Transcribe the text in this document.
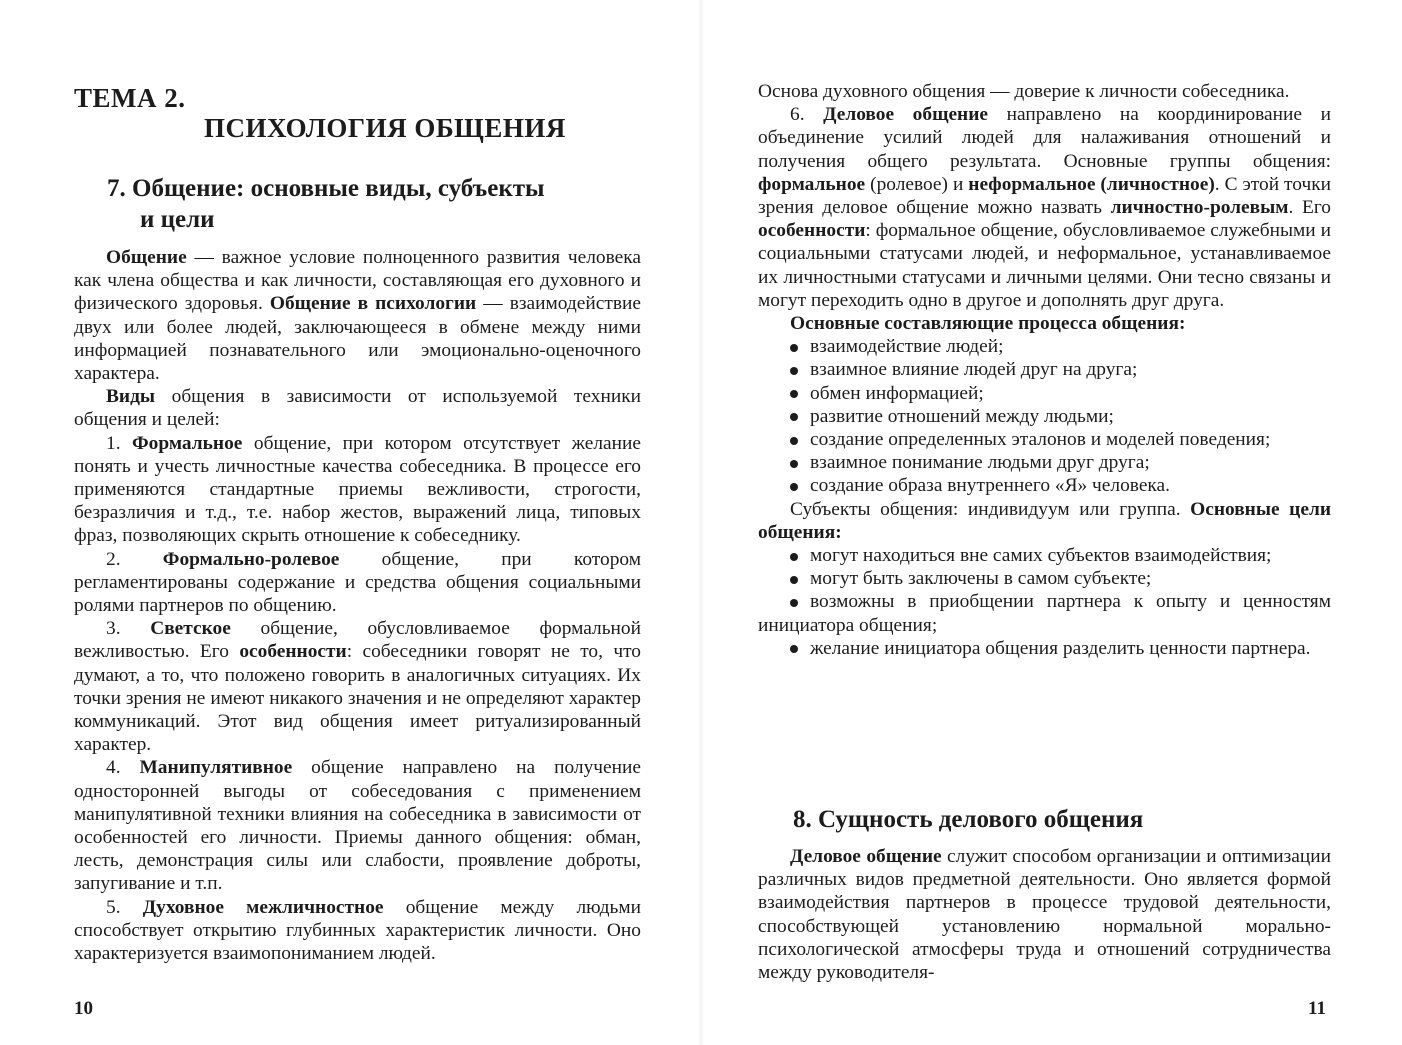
ТЕМА 2.
ПСИХОЛОГИЯ ОБЩЕНИЯ
7. Общение: основные виды, субъекты
и цели

Общение — важное условие полноценного развития человека как члена общества и как личности, составляющая его духовного и физического здоровья. Общение в психологии — взаимодействие двух или более людей, заключающееся в обмене между ними информацией познавательного или эмоционально-оценочного характера.

Виды общения в зависимости от используемой техники общения и целей:

1. Формальное общение, при котором отсутствует желание понять и учесть личностные качества собеседника. В процессе его применяются стандартные приемы вежливости, строгости, безразличия и т.д., т.е. набор жестов, выражений лица, типовых фраз, позволяющих скрыть отношение к собеседнику.

2. Формально-ролевое общение, при котором регламентированы содержание и средства общения социальными ролями партнеров по общению.

3. Светское общение, обусловливаемое формальной вежливостью. Его особенности: собеседники говорят не то, что думают, а то, что положено говорить в аналогичных ситуациях. Их точки зрения не имеют никакого значения и не определяют характер коммуникаций. Этот вид общения имеет ритуализированный характер.

4. Манипулятивное общение направлено на получение односторонней выгоды от собеседования с применением манипулятивной техники влияния на собеседника в зависимости от особенностей его личности. Приемы данного общения: обман, лесть, демонстрация силы или слабости, проявление доброты, запугивание и т.п.

5. Духовное межличностное общение между людьми способствует открытию глубинных характеристик личности. Оно характеризуется взаимопониманием людей.

10

Основа духовного общения — доверие к личности собеседника.

6. Деловое общение направлено на координирование и объединение усилий людей для налаживания отношений и получения общего результата. Основные группы общения: формальное (ролевое) и неформальное (личностное). С этой точки зрения деловое общение можно назвать личностно-ролевым. Его особенности: формальное общение, обусловливаемое служебными и социальными статусами людей, и неформальное, устанавливаемое их личностными статусами и личными целями. Они тесно связаны и могут переходить одно в другое и дополнять друг друга.

Основные составляющие процесса общения:

взаимодействие людей;
взаимное влияние людей друг на друга;
обмен информацией;
развитие отношений между людьми;
создание определенных эталонов и моделей поведения;
взаимное понимание людьми друг друга;
создание образа внутреннего «Я» человека.

Субъекты общения: индивидуум или группа. Основные цели общения:

могут находиться вне самих субъектов взаимодействия;
могут быть заключены в самом субъекте;
возможны в приобщении партнера к опыту и ценностям инициатора общения;
желание инициатора общения разделить ценности партнера.
8. Сущность делового общения

Деловое общение служит способом организации и оптимизации различных видов предметной деятельности. Оно является формой взаимодействия партнеров в процессе трудовой деятельности, способствующей установлению нормальной морально-психологической атмосферы труда и отношений сотрудничества между руководителя-

11
